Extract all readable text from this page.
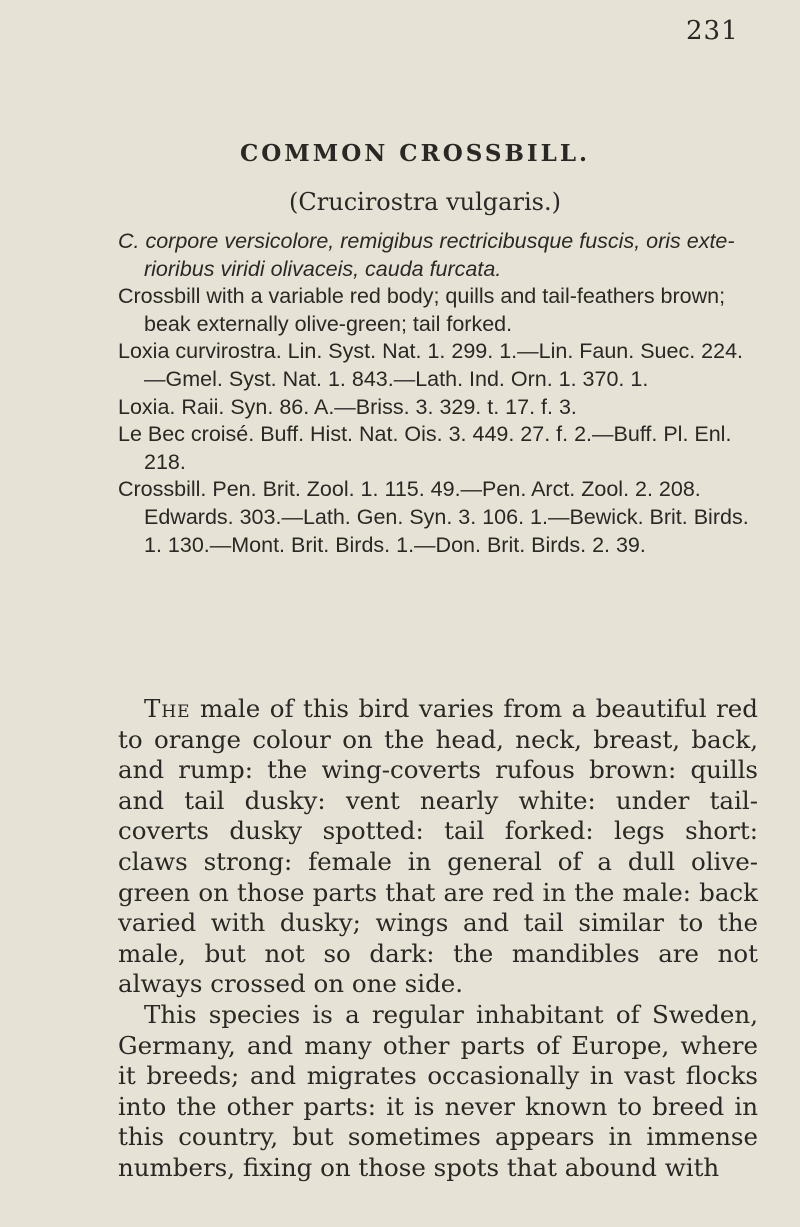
231
COMMON CROSSBILL.
(Crucirostra vulgaris.)

C. corpore versicolore, remigibus rectricibusque fuscis, oris exte-rioribus viridi olivaceis, cauda furcata.

Crossbill with a variable red body; quills and tail-feathers brown; beak externally olive-green; tail forked.

Loxia curvirostra. Lin. Syst. Nat. 1. 299. 1.—Lin. Faun. Suec. 224.—Gmel. Syst. Nat. 1. 843.—Lath. Ind. Orn. 1. 370. 1.

Loxia. Raii. Syn. 86. A.—Briss. 3. 329. t. 17. f. 3.

Le Bec croisé. Buff. Hist. Nat. Ois. 3. 449. 27. f. 2.—Buff. Pl. Enl. 218.

Crossbill. Pen. Brit. Zool. 1. 115. 49.—Pen. Arct. Zool. 2. 208. Edwards. 303.—Lath. Gen. Syn. 3. 106. 1.—Bewick. Brit. Birds. 1. 130.—Mont. Brit. Birds. 1.—Don. Brit. Birds. 2. 39.

The male of this bird varies from a beautiful red to orange colour on the head, neck, breast, back, and rump: the wing-coverts rufous brown: quills and tail dusky: vent nearly white: under tail-coverts dusky spotted: tail forked: legs short: claws strong: female in general of a dull olive-green on those parts that are red in the male: back varied with dusky; wings and tail similar to the male, but not so dark: the mandibles are not always crossed on one side.

This species is a regular inhabitant of Sweden, Germany, and many other parts of Europe, where it breeds; and migrates occasionally in vast flocks into the other parts: it is never known to breed in this country, but sometimes appears in immense numbers, fixing on those spots that abound with
